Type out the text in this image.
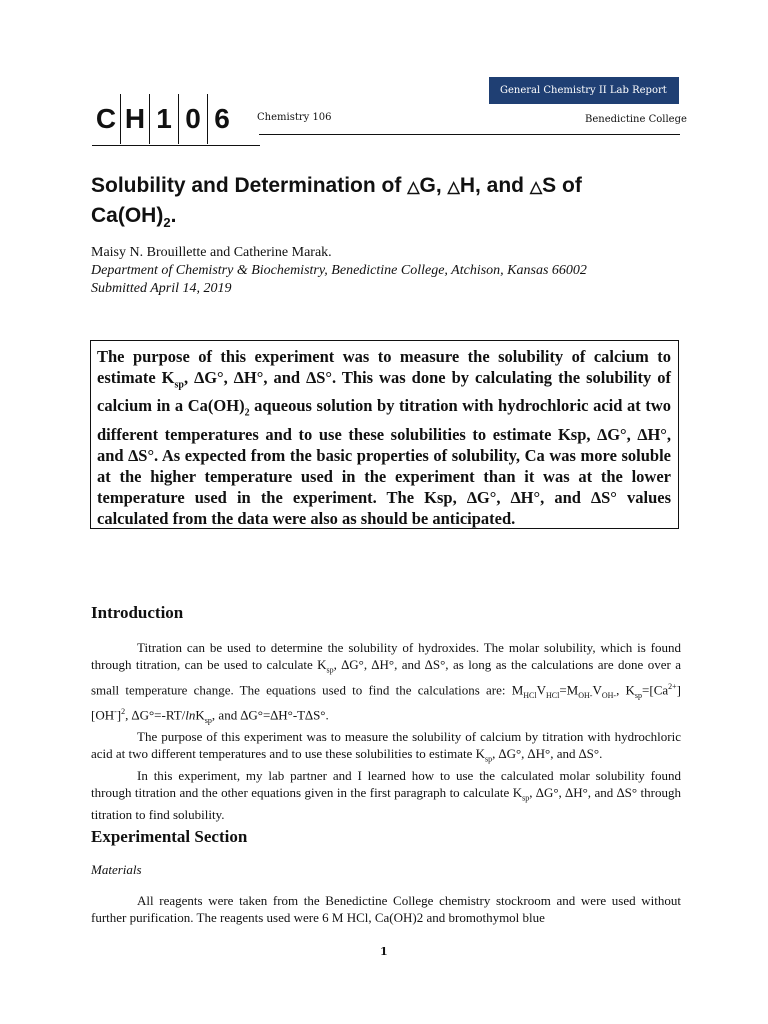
General Chemistry II Lab Report
C H 1 0 6	Chemistry 106	Benedictine College
Solubility and Determination of △G, △H, and △S of
$Ca(OH)_2$.
Maisy N. Brouillette and Catherine Marak.
Department of Chemistry & Biochemistry, Benedictine College, Atchison, Kansas 66002
Submitted April 14, 2019
The purpose of this experiment was to measure the solubility of calcium to estimate $K_{sp}$, ∆G°, ∆H°, and ∆S°. This was done by calculating the solubility of calcium in a $Ca(OH)_2$ aqueous solution by titration with hydrochloric acid at two different temperatures and to use these solubilities to estimate Ksp, ∆G°, ∆H°, and ∆S°. As expected from the basic properties of solubility, Ca was more soluble at the higher temperature used in the experiment than it was at the lower temperature used in the experiment. The Ksp, ∆G°, ∆H°, and ∆S° values calculated from the data were also as should be anticipated.
Introduction

Titration can be used to determine the solubility of hydroxides. The molar solubility, which is found through titration, can be used to calculate $K_{sp}$, ∆G°, ∆H°, and ∆S°, as long as the calculations are done over a small temperature change. The equations used to find the calculations are: $M_{HCl}V_{HCl}=M_{OH-}V_{OH-}$, $K_{sp}=[Ca^{2+}][OH^-]^2$, ∆G°=-RT/lnK$_{sp}$, and ∆G°=∆H°-T∆S°.

The purpose of this experiment was to measure the solubility of calcium by titration with hydrochloric acid at two different temperatures and to use these solubilities to estimate $K_{sp}$, ∆G°, ∆H°, and ∆S°.

In this experiment, my lab partner and I learned how to use the calculated molar solubility found through titration and the other equations given in the first paragraph to calculate $K_{sp}$, ∆G°, ∆H°, and ∆S° through titration to find solubility.

Experimental Section
Materials

All reagents were taken from the Benedictine College chemistry stockroom and were used without further purification. The reagents used were 6 M HCl, Ca(OH)2 and bromothymol blue

1
